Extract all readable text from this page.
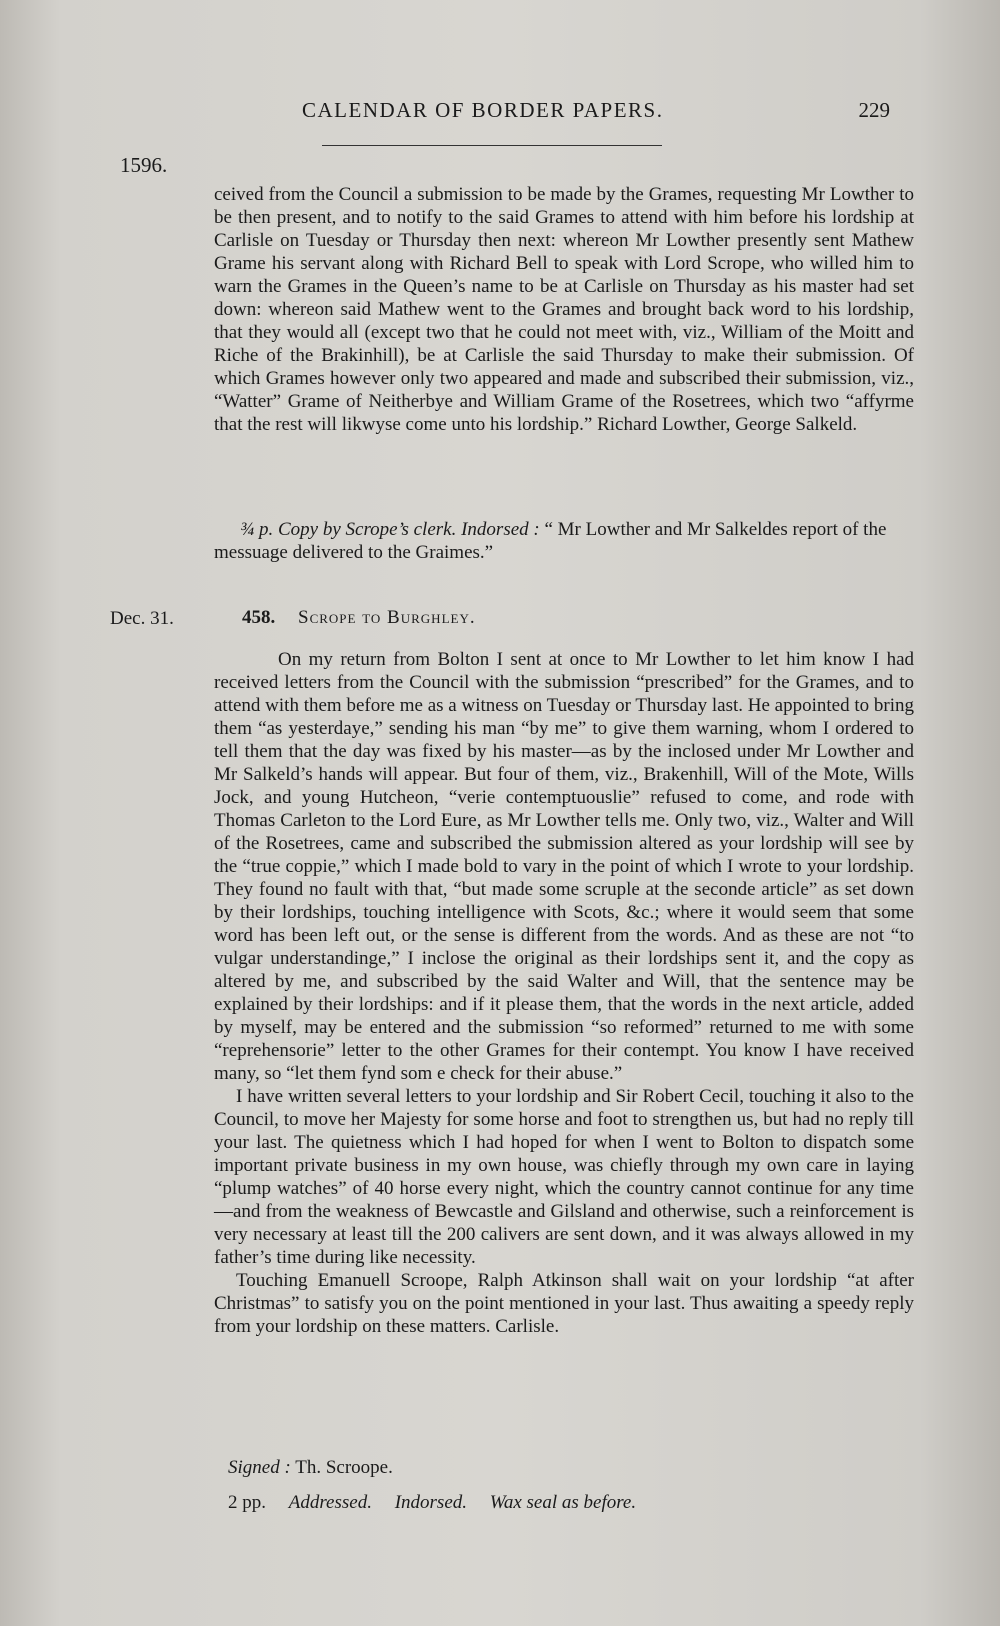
CALENDAR OF BORDER PAPERS.	229
1596.

ceived from the Council a submission to be made by the Grames, requesting Mr Lowther to be then present, and to notify to the said Grames to attend with him before his lordship at Carlisle on Tuesday or Thursday then next: whereon Mr Lowther presently sent Mathew Grame his servant along with Richard Bell to speak with Lord Scrope, who willed him to warn the Grames in the Queen’s name to be at Carlisle on Thursday as his master had set down: whereon said Mathew went to the Grames and brought back word to his lordship, that they would all (except two that he could not meet with, viz., William of the Moitt and Riche of the Brakinhill), be at Carlisle the said Thursday to make their submission. Of which Grames however only two appeared and made and subscribed their submission, viz., “Watter” Grame of Neitherbye and William Grame of the Rosetrees, which two “affyrme that the rest will likwyse come unto his lordship.” Richard Lowther, George Salkeld.

¾ p. Copy by Scrope’s clerk. Indorsed : “ Mr Lowther and Mr Salkeldes report of the messuage delivered to the Graimes.”
Dec. 31.	458. Scrope to Burghley.

On my return from Bolton I sent at once to Mr Lowther to let him know I had received letters from the Council with the submission “prescribed” for the Grames, and to attend with them before me as a witness on Tuesday or Thursday last. He appointed to bring them “as yesterdaye,” sending his man “by me” to give them warning, whom I ordered to tell them that the day was fixed by his master—as by the inclosed under Mr Lowther and Mr Salkeld’s hands will appear. But four of them, viz., Brakenhill, Will of the Mote, Wills Jock, and young Hutcheon, “verie contemptuouslie” refused to come, and rode with Thomas Carleton to the Lord Eure, as Mr Lowther tells me. Only two, viz., Walter and Will of the Rosetrees, came and subscribed the submission altered as your lordship will see by the “true coppie,” which I made bold to vary in the point of which I wrote to your lordship. They found no fault with that, “but made some scruple at the seconde article” as set down by their lordships, touching intelligence with Scots, &c.; where it would seem that some word has been left out, or the sense is different from the words. And as these are not “to vulgar understandinge,” I inclose the original as their lordships sent it, and the copy as altered by me, and subscribed by the said Walter and Will, that the sentence may be explained by their lordships: and if it please them, that the words in the next article, added by myself, may be entered and the submission “so reformed” returned to me with some “reprehensorie” letter to the other Grames for their contempt. You know I have received many, so “let them fynd som e check for their abuse.”

I have written several letters to your lordship and Sir Robert Cecil, touching it also to the Council, to move her Majesty for some horse and foot to strengthen us, but had no reply till your last. The quietness which I had hoped for when I went to Bolton to dispatch some important private business in my own house, was chiefly through my own care in laying “plump watches” of 40 horse every night, which the country cannot continue for any time—and from the weakness of Bewcastle and Gilsland and otherwise, such a reinforcement is very necessary at least till the 200 calivers are sent down, and it was always allowed in my father’s time during like necessity.

Touching Emanuell Scroope, Ralph Atkinson shall wait on your lordship “at after Christmas” to satisfy you on the point mentioned in your last. Thus awaiting a speedy reply from your lordship on these matters. Carlisle.

Signed : Th. Scroope.
2 pp. Addressed. Indorsed. Wax seal as before.
